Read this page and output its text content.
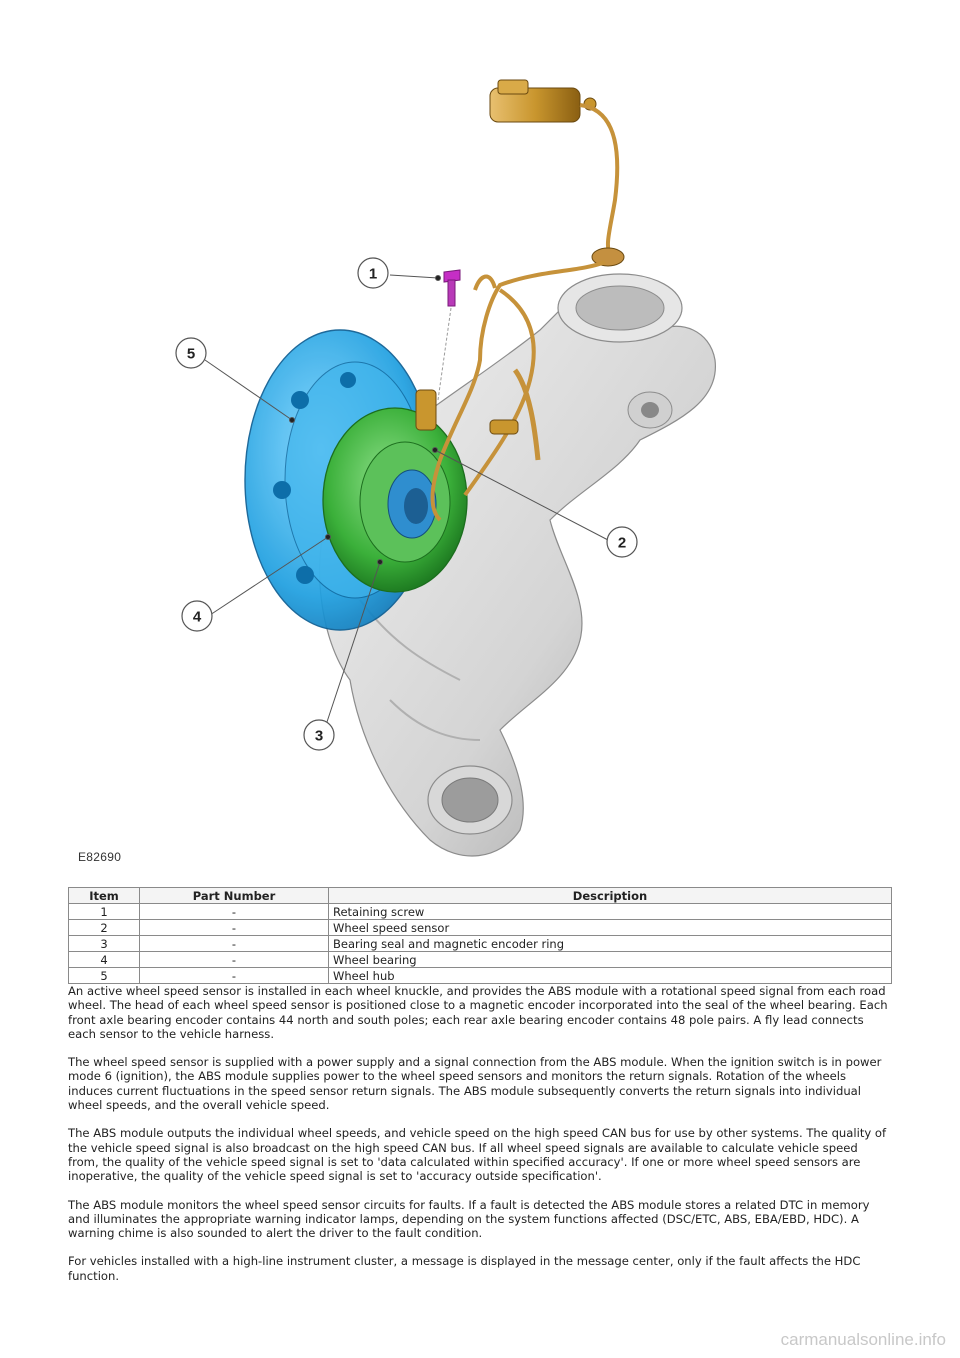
1
2
3
4
5
E82690
Item	Part Number	Description
1	-	Retaining screw
2	-	Wheel speed sensor
3	-	Bearing seal and magnetic encoder ring
4	-	Wheel bearing
5	-	Wheel hub

An active wheel speed sensor is installed in each wheel knuckle, and provides the ABS module with a rotational speed signal from each road wheel. The head of each wheel speed sensor is positioned close to a magnetic encoder incorporated into the seal of the wheel bearing. Each front axle bearing encoder contains 44 north and south poles; each rear axle bearing encoder contains 48 pole pairs. A fly lead connects each sensor to the vehicle harness.

The wheel speed sensor is supplied with a power supply and a signal connection from the ABS module. When the ignition switch is in power mode 6 (ignition), the ABS module supplies power to the wheel speed sensors and monitors the return signals. Rotation of the wheels induces current fluctuations in the speed sensor return signals. The ABS module subsequently converts the return signals into individual wheel speeds, and the overall vehicle speed.

The ABS module outputs the individual wheel speeds, and vehicle speed on the high speed CAN bus for use by other systems. The quality of the vehicle speed signal is also broadcast on the high speed CAN bus. If all wheel speed signals are available to calculate vehicle speed from, the quality of the vehicle speed signal is set to 'data calculated within specified accuracy'. If one or more wheel speed sensors are inoperative, the quality of the vehicle speed signal is set to 'accuracy outside specification'.

The ABS module monitors the wheel speed sensor circuits for faults. If a fault is detected the ABS module stores a related DTC in memory and illuminates the appropriate warning indicator lamps, depending on the system functions affected (DSC/ETC, ABS, EBA/EBD, HDC). A warning chime is also sounded to alert the driver to the fault condition.

For vehicles installed with a high-line instrument cluster, a message is displayed in the message center, only if the fault affects the HDC function.

carmanualsonline.info
